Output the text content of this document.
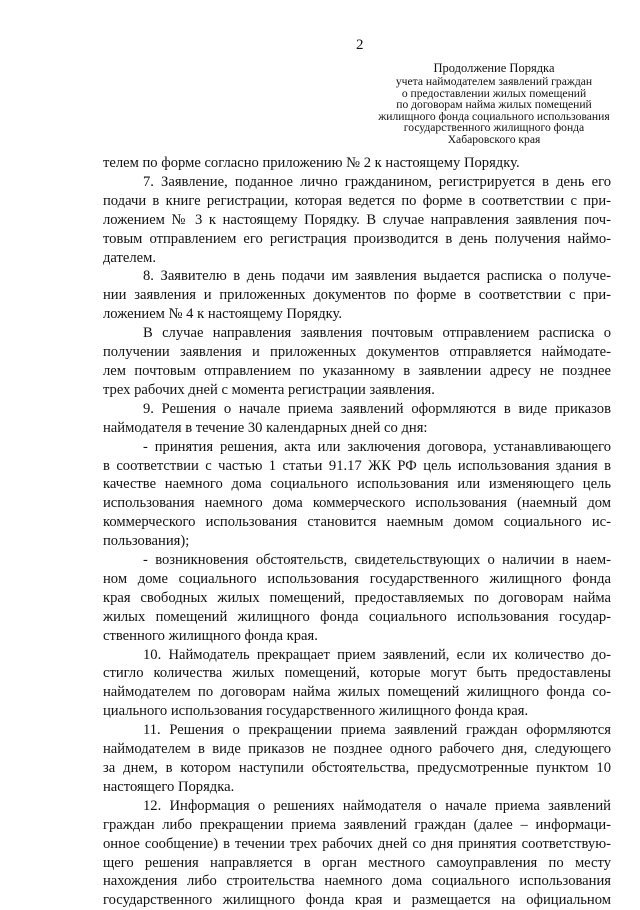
2
Продолжение Порядка
учета наймодателем заявлений граждан
о предоставлении жилых помещений
по договорам найма жилых помещений
жилищного фонда социального использования
государственного жилищного фонда
Хабаровского края

телем по форме согласно приложению № 2 к настоящему Порядку.

7. Заявление, поданное лично гражданином, регистрируется в день его
подачи в книге регистрации, которая ведется по форме в соответствии с при-
ложением № 3 к настоящему Порядку. В случае направления заявления поч-
товым отправлением его регистрация производится в день получения наймо-
дателем.

8. Заявителю в день подачи им заявления выдается расписка о получе-
нии заявления и приложенных документов по форме в соответствии с при-
ложением № 4 к настоящему Порядку.

В случае направления заявления почтовым отправлением расписка о
получении заявления и приложенных документов отправляется наймодате-
лем почтовым отправлением по указанному в заявлении адресу не позднее
трех рабочих дней с момента регистрации заявления.

9. Решения о начале приема заявлений оформляются в виде приказов
наймодателя в течение 30 календарных дней со дня:

- принятия решения, акта или заключения договора, устанавливающего
в соответствии с частью 1 статьи 91.17 ЖК РФ цель использования здания в
качестве наемного дома социального использования или изменяющего цель
использования наемного дома коммерческого использования (наемный дом
коммерческого использования становится наемным домом социального ис-
пользования);

- возникновения обстоятельств, свидетельствующих о наличии в наем-
ном доме социального использования государственного жилищного фонда
края свободных жилых помещений, предоставляемых по договорам найма
жилых помещений жилищного фонда социального использования государ-
ственного жилищного фонда края.

10. Наймодатель прекращает прием заявлений, если их количество до-
стигло количества жилых помещений, которые могут быть предоставлены
наймодателем по договорам найма жилых помещений жилищного фонда со-
циального использования государственного жилищного фонда края.

11. Решения о прекращении приема заявлений граждан оформляются
наймодателем в виде приказов не позднее одного рабочего дня, следующего
за днем, в котором наступили обстоятельства, предусмотренные пунктом 10
настоящего Порядка.

12. Информация о решениях наймодателя о начале приема заявлений
граждан либо прекращении приема заявлений граждан (далее – информаци-
онное сообщение) в течении трех рабочих дней со дня принятия соответствую-
щего решения направляется в орган местного самоуправления по месту
нахождения либо строительства наемного дома социального использования
государственного жилищного фонда края и размещается на официальном
